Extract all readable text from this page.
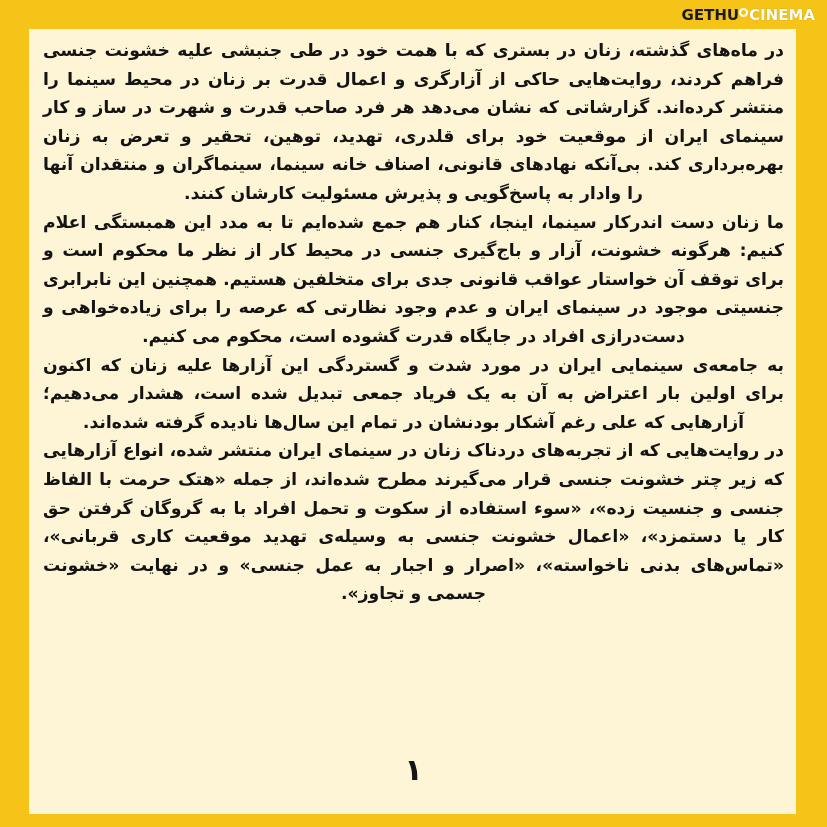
در ماه‌های گذشته، زنان در بستری که با همت خود در طی جنبشی علیه خشونت جنسی فراهم کردند، روایت‌هایی حاکی از آزارگری و اعمال قدرت بر زنان در محیط سینما را منتشر کرده‌اند. گزارشاتی که نشان می‌دهد هر فرد صاحب قدرت و شهرت در ساز و کار سینمای ایران از موقعیت خود برای قلدری، تهدید، توهین، تحقیر و تعرض به زنان بهره‌برداری کند. بی‌آنکه نهادهای قانونی، اصناف خانه سینما، سینماگران و منتقدان آنها را وادار به پاسخ‌گویی و پذیرش مسئولیت کارشان کنند.

ما زنان دست اندرکار سینما، اینجا، کنار هم جمع شده‌ایم تا به مدد این همبستگی اعلام کنیم: هرگونه خشونت، آزار و باج‌گیری جنسی در محیط کار از نظر ما محکوم است و برای توقف آن خواستار عواقب قانونی جدی برای متخلفین هستیم. همچنین این نابرابری جنسیتی موجود در سینمای ایران و عدم وجود نظارتی که عرصه را برای زیاده‌خواهی و دست‌درازی افراد در جایگاه قدرت گشوده است، محکوم می کنیم.

به جامعه‌ی سینمایی ایران در مورد شدت و گستردگی این آزارها علیه زنان که اکنون برای اولین بار اعتراض به آن به یک فریاد جمعی تبدیل شده است، هشدار می‌دهیم؛ آزارهایی که علی رغم آشکار بودنشان در تمام این سال‌ها نادیده گرفته شده‌اند.

در روایت‌هایی که از تجربه‌های دردناک زنان در سینمای ایران منتشر شده، انواع آزارهایی که زیر چتر خشونت جنسی قرار می‌گیرند مطرح شده‌اند، از جمله «هتک حرمت با الفاظ جنسی و جنسیت زده»، «سوء استفاده از سکوت و تحمل افراد با به گروگان گرفتن حق کار یا دستمزد»، «اعمال خشونت جنسی به وسیله‌ی تهدید موقعیت کاری قربانی»، «تماس‌های بدنی ناخواسته»، «اصرار و اجبار به عمل جنسی» و در نهایت «خشونت جسمی و تجاوز».

GETHU CINEMA
۱
